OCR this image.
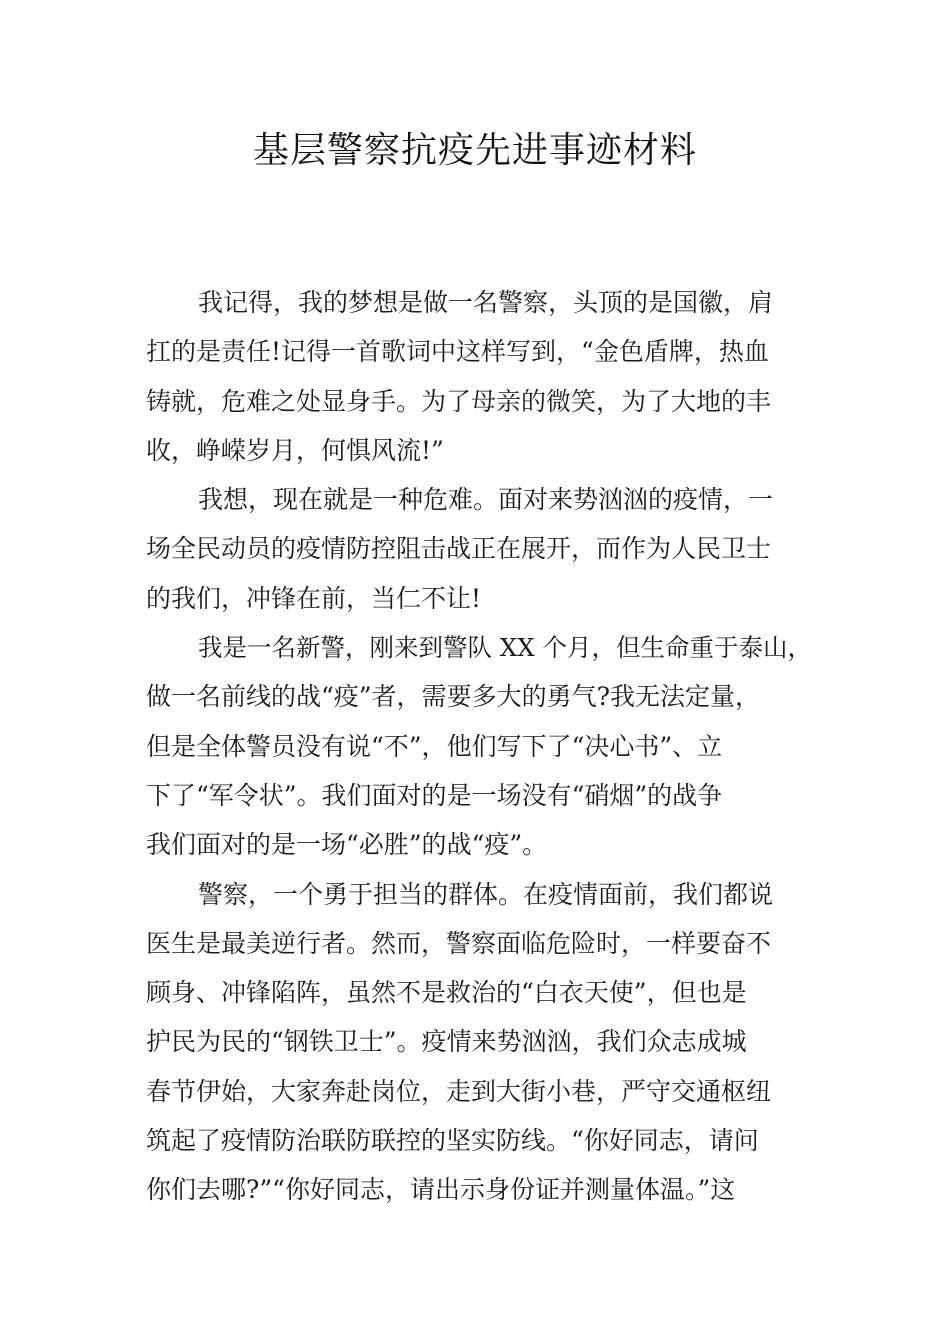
基层警察抗疫先进事迹材料
我记得，我的梦想是做一名警察，头顶的是国徽，肩
扛的是责任!记得一首歌词中这样写到，“金色盾牌，热血
铸就，危难之处显身手。为了母亲的微笑，为了大地的丰
收，峥嵘岁月，何惧风流!”
我想，现在就是一种危难。面对来势汹汹的疫情，一
场全民动员的疫情防控阻击战正在展开，而作为人民卫士
的我们，冲锋在前，当仁不让!
我是一名新警，刚来到警队 XX 个月，但生命重于泰山，
做一名前线的战“疫”者，需要多大的勇气?我无法定量，
但是全体警员没有说“不”，他们写下了“决心书”、立
下了“军令状”。我们面对的是一场没有“硝烟”的战争
我们面对的是一场“必胜”的战“疫”。
警察，一个勇于担当的群体。在疫情面前，我们都说
医生是最美逆行者。然而，警察面临危险时，一样要奋不
顾身、冲锋陷阵，虽然不是救治的“白衣天使”，但也是
护民为民的“钢铁卫士”。疫情来势汹汹，我们众志成城
春节伊始，大家奔赴岗位，走到大街小巷，严守交通枢纽
筑起了疫情防治联防联控的坚实防线。“你好同志，请问
你们去哪?”“你好同志，请出示身份证并测量体温。”这
